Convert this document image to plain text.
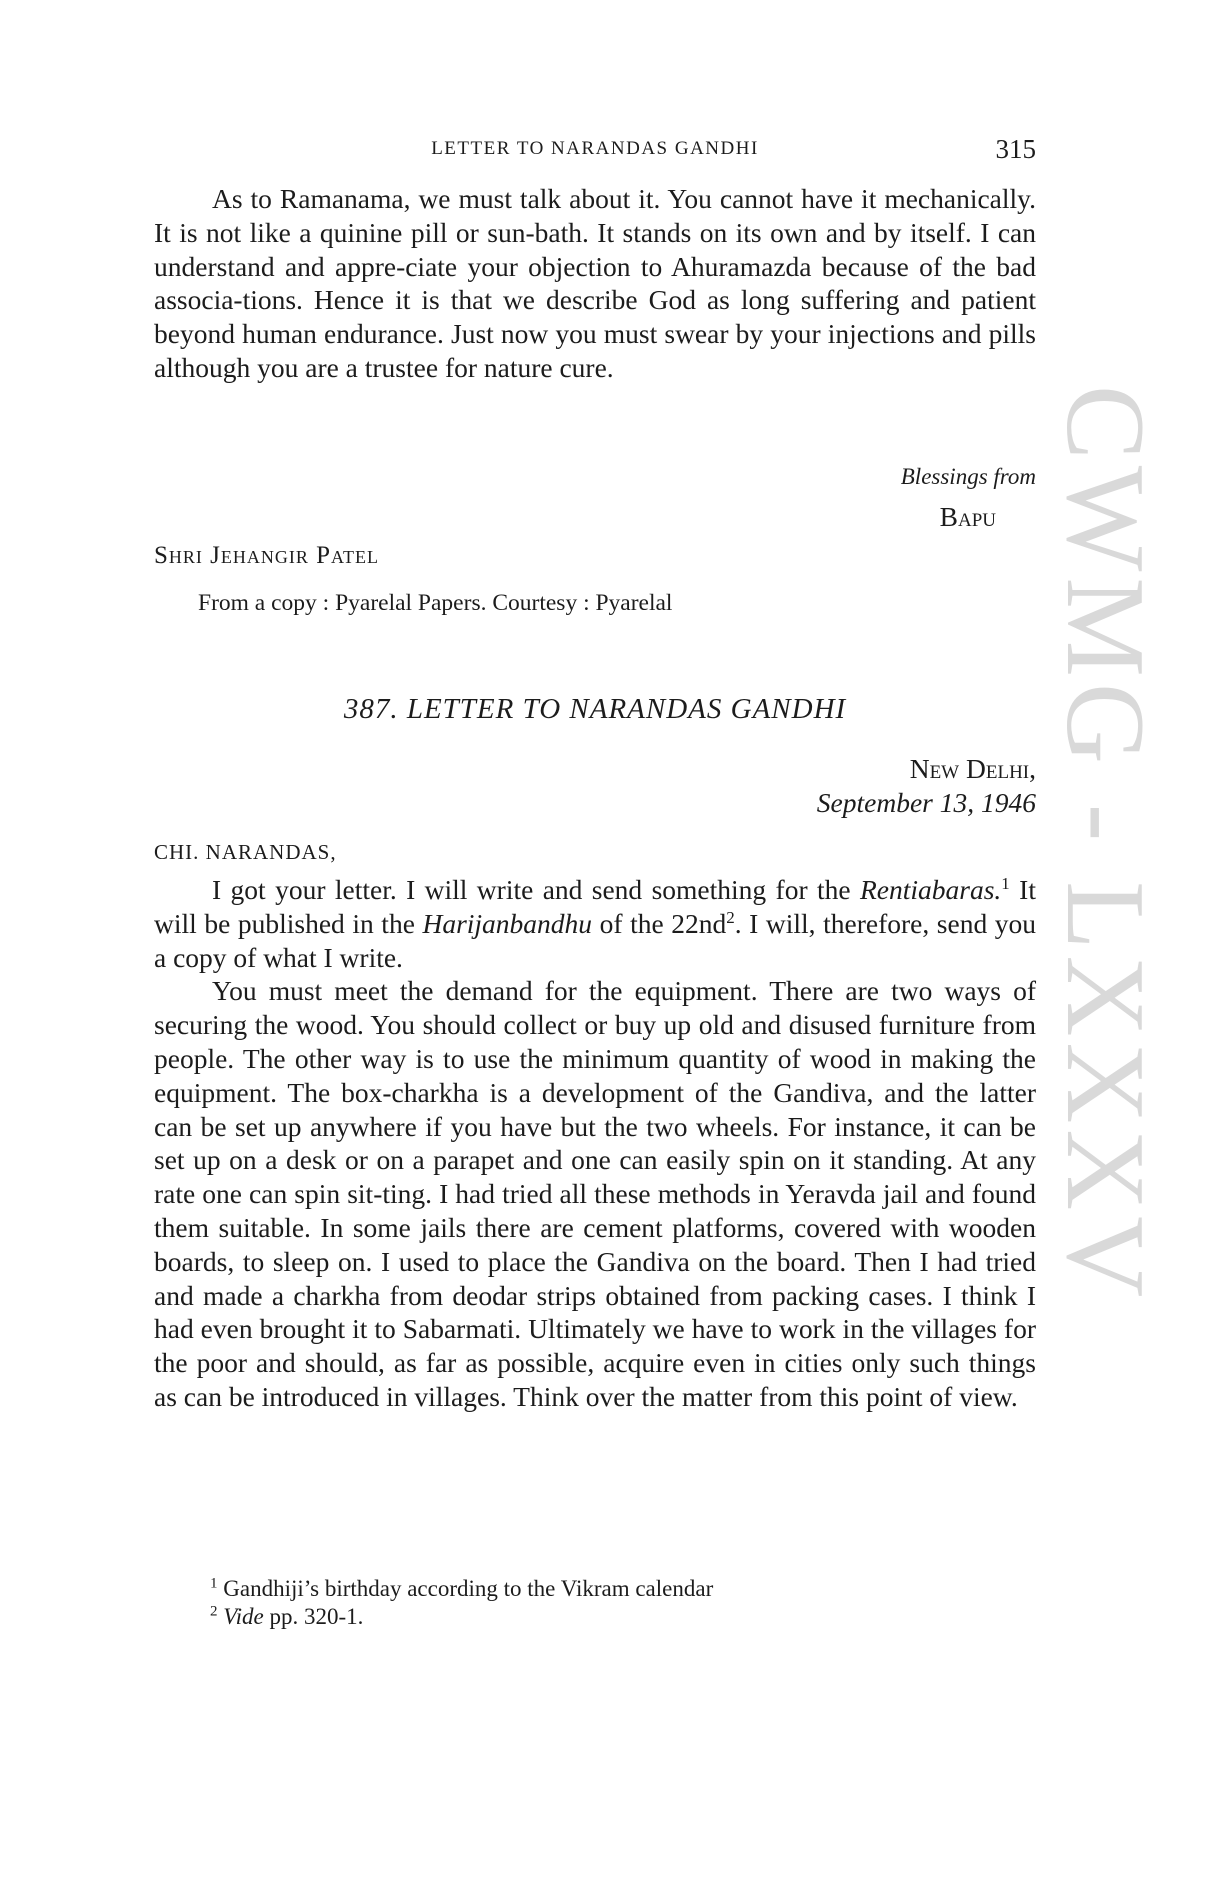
CWMG - LXXXV
LETTER TO NARANDAS GANDHI	315

As to Ramanama, we must talk about it. You cannot have it mechanically. It is not like a quinine pill or sun-bath. It stands on its own and by itself. I can understand and appre-ciate your objection to Ahuramazda because of the bad associa-tions. Hence it is that we describe God as long suffering and patient beyond human endurance. Just now you must swear by your injections and pills although you are a trustee for nature cure.

Blessings from
Bapu
Shri Jehangir Patel
From a copy : Pyarelal Papers. Courtesy : Pyarelal
387. LETTER TO NARANDAS GANDHI
New Delhi,
September 13, 1946
CHI. NARANDAS,

I got your letter. I will write and send something for the Rentiabaras.$^1$ It will be published in the Harijanbandhu of the $22nd^2$. I will, therefore, send you a copy of what I write.

You must meet the demand for the equipment. There are two ways of securing the wood. You should collect or buy up old and disused furniture from people. The other way is to use the minimum quantity of wood in making the equipment. The box-charkha is a development of the Gandiva, and the latter can be set up anywhere if you have but the two wheels. For instance, it can be set up on a desk or on a parapet and one can easily spin on it standing. At any rate one can spin sit-ting. I had tried all these methods in Yeravda jail and found them suitable. In some jails there are cement platforms, covered with wooden boards, to sleep on. I used to place the Gandiva on the board. Then I had tried and made a charkha from deodar strips obtained from packing cases. I think I had even brought it to Sabarmati. Ultimately we have to work in the villages for the poor and should, as far as possible, acquire even in cities only such things as can be introduced in villages. Think over the matter from this point of view.

$^1$ Gandhiji’s birthday according to the Vikram calendar
$^2$ Vide pp. 320-1.
